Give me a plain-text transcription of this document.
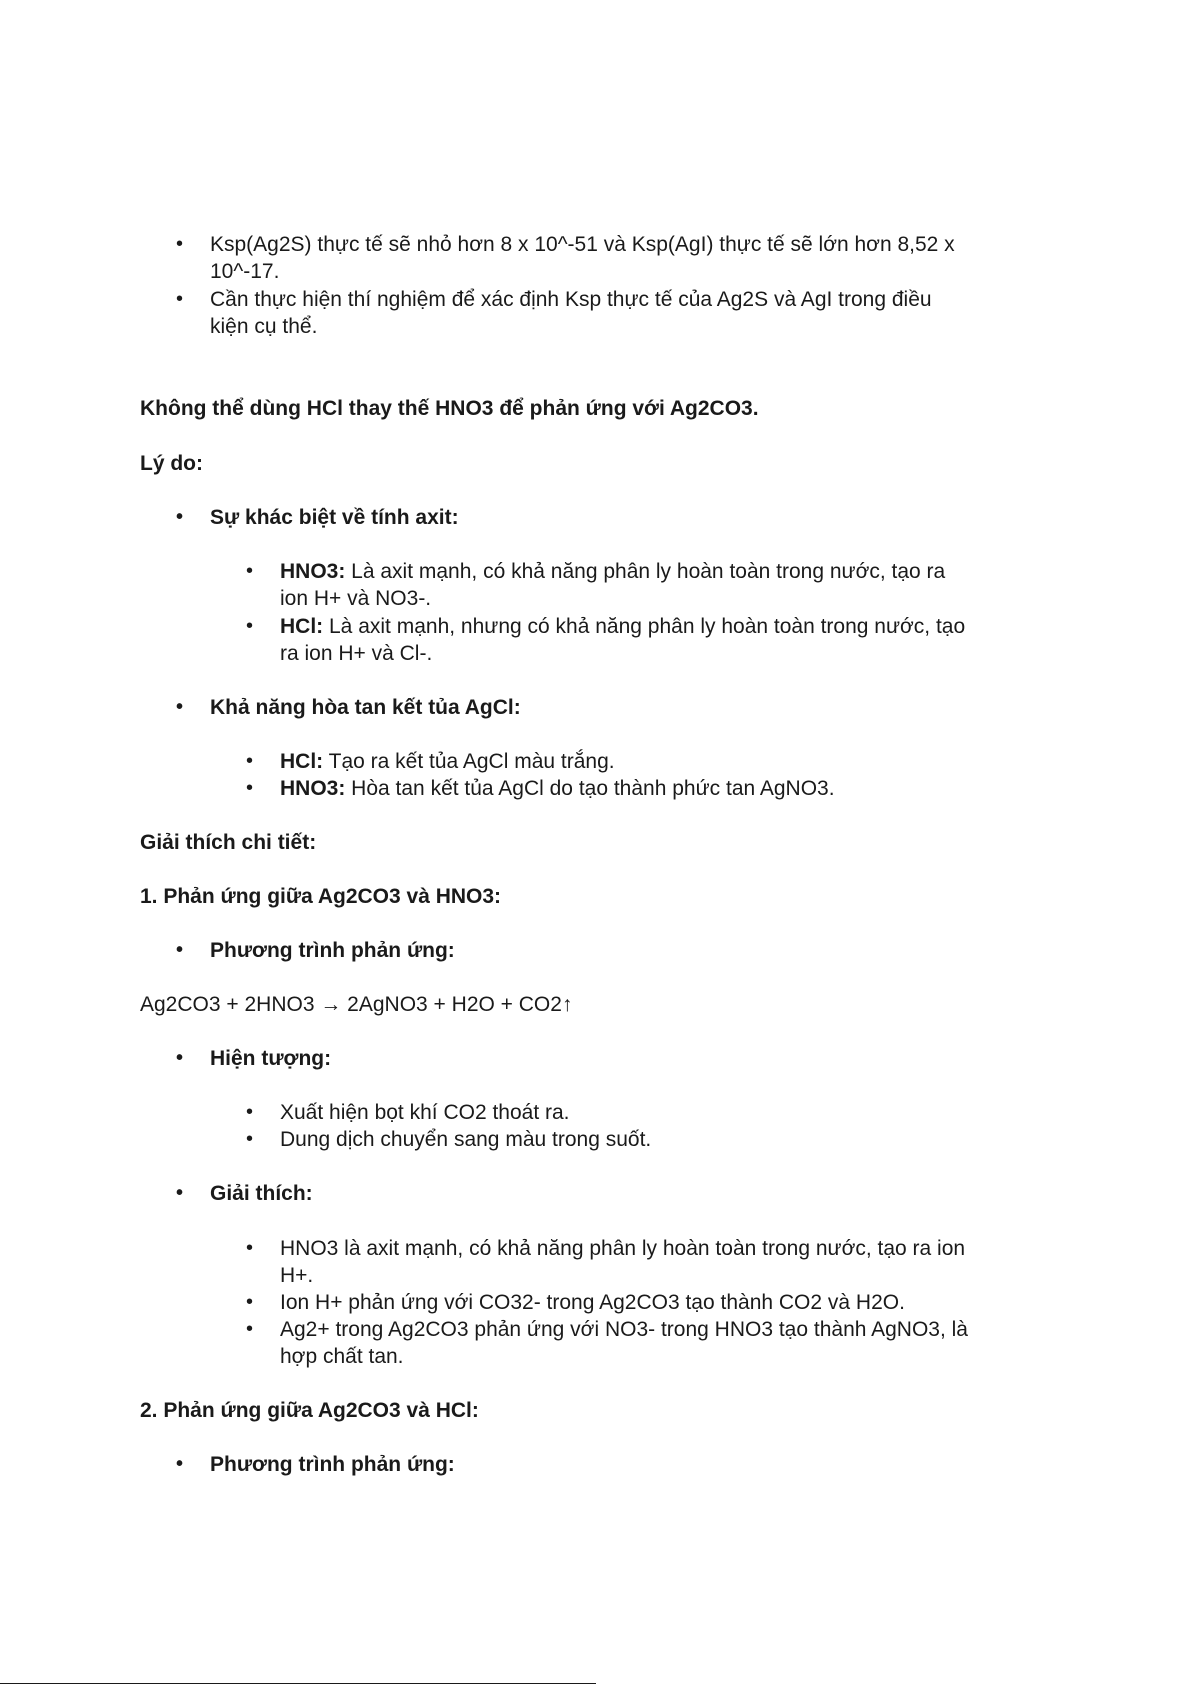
• Ksp(Ag2S) thực tế sẽ nhỏ hơn 8 x 10^-51 và Ksp(AgI) thực tế sẽ lớn hơn 8,52 x
10^-17.
• Cần thực hiện thí nghiệm để xác định Ksp thực tế của Ag2S và AgI trong điều
kiện cụ thể.
Không thể dùng HCl thay thế HNO3 để phản ứng với Ag2CO3.
Lý do:
• Sự khác biệt về tính axit:
• HNO3: Là axit mạnh, có khả năng phân ly hoàn toàn trong nước, tạo ra
ion H+ và NO3-.
• HCl: Là axit mạnh, nhưng có khả năng phân ly hoàn toàn trong nước, tạo
ra ion H+ và Cl-.
• Khả năng hòa tan kết tủa AgCl:
• HCl: Tạo ra kết tủa AgCl màu trắng.
• HNO3: Hòa tan kết tủa AgCl do tạo thành phức tan AgNO3.
Giải thích chi tiết:
1. Phản ứng giữa Ag2CO3 và HNO3:
• Phương trình phản ứng:
Ag2CO3 + 2HNO3 → 2AgNO3 + H2O + CO2↑
• Hiện tượng:
• Xuất hiện bọt khí CO2 thoát ra.
• Dung dịch chuyển sang màu trong suốt.
• Giải thích:
• HNO3 là axit mạnh, có khả năng phân ly hoàn toàn trong nước, tạo ra ion
H+.
• Ion H+ phản ứng với CO32- trong Ag2CO3 tạo thành CO2 và H2O.
• Ag2+ trong Ag2CO3 phản ứng với NO3- trong HNO3 tạo thành AgNO3, là
hợp chất tan.
2. Phản ứng giữa Ag2CO3 và HCl:
• Phương trình phản ứng:
